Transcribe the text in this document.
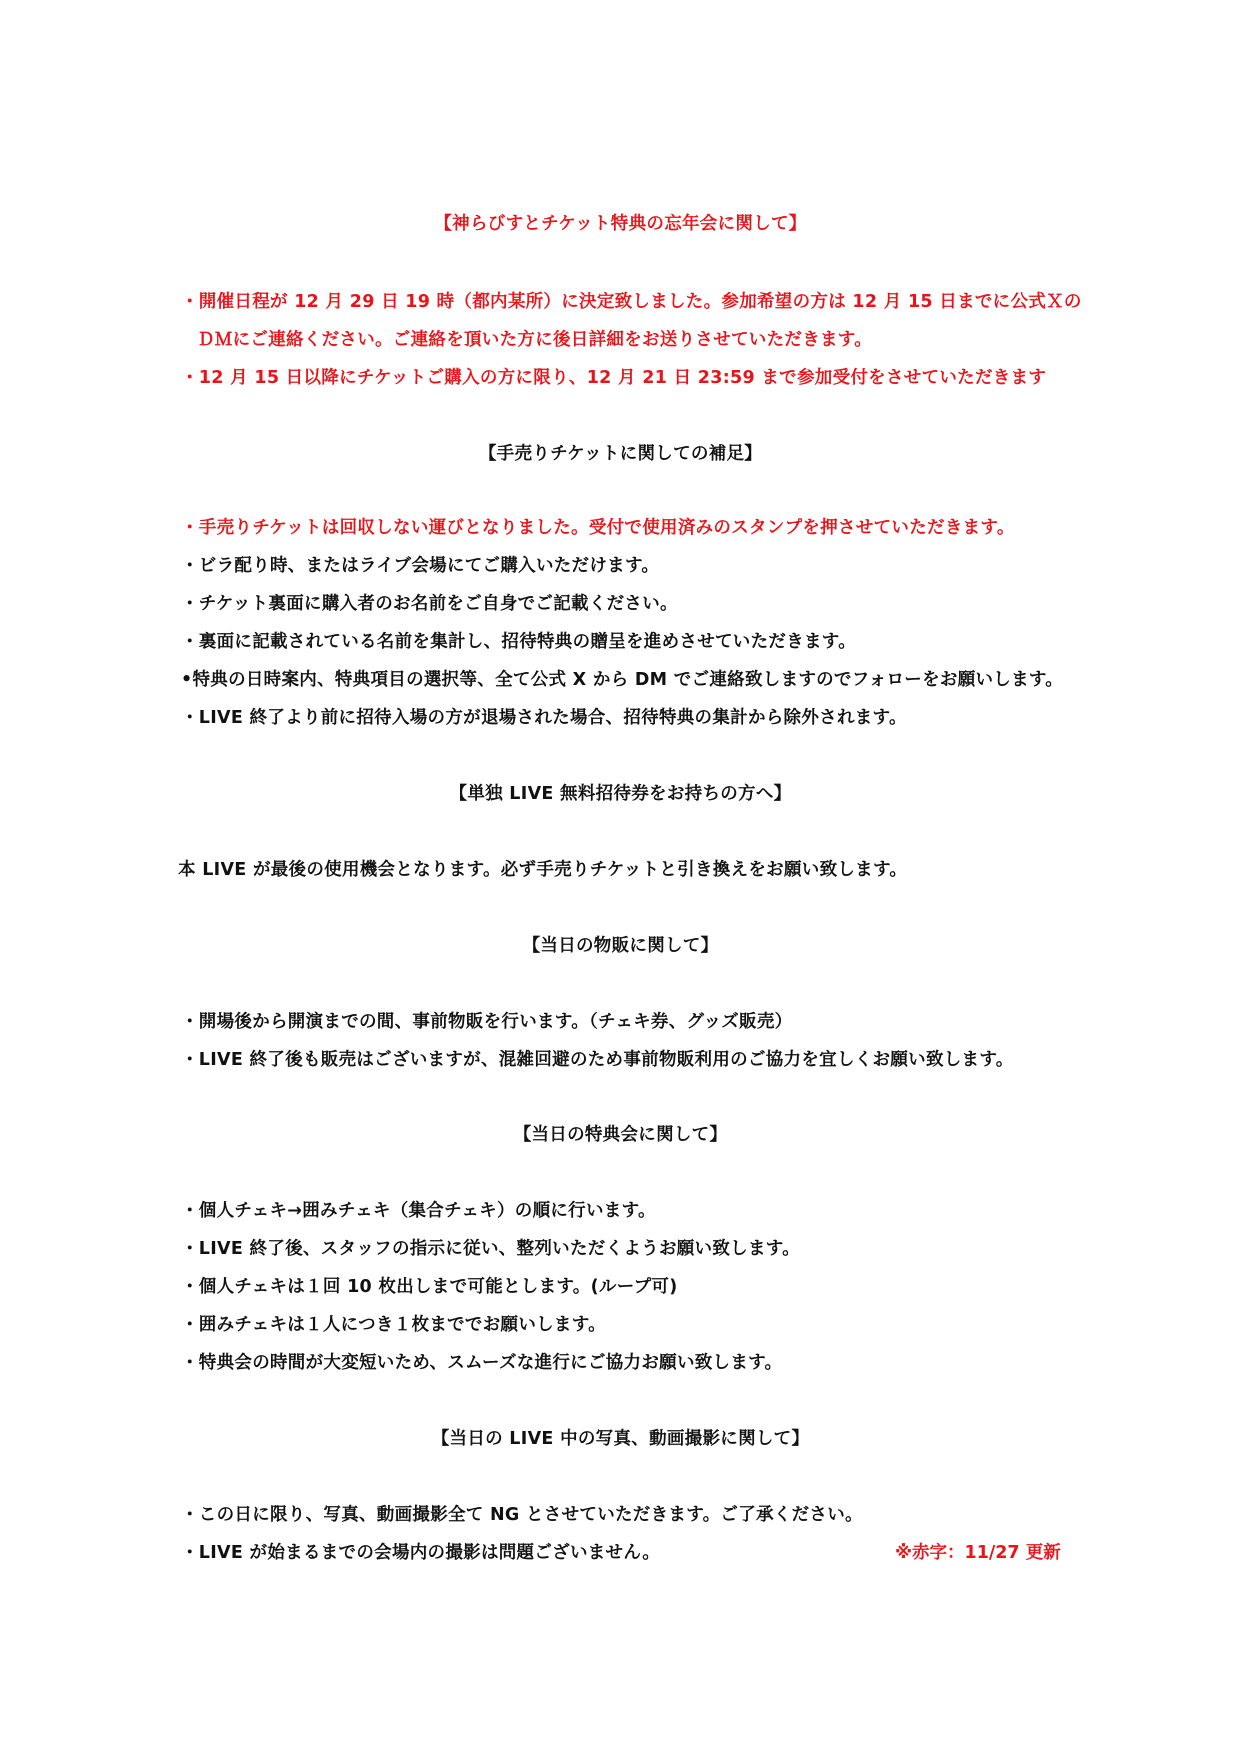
【神らびすとチケット特典の忘年会に関して】
・開催日程が 12 月 29 日 19 時（都内某所）に決定致しました。参加希望の方は 12 月 15 日までに公式Ｘの
ＤＭにご連絡ください。ご連絡を頂いた方に後日詳細をお送りさせていただきます。
・12 月 15 日以降にチケットご購入の方に限り、12 月 21 日 23:59 まで参加受付をさせていただきます
【手売りチケットに関しての補足】
・手売りチケットは回収しない運びとなりました。受付で使用済みのスタンプを押させていただきます。
・ビラ配り時、またはライブ会場にてご購入いただけます。
・チケット裏面に購入者のお名前をご自身でご記載ください。
・裏面に記載されている名前を集計し、招待特典の贈呈を進めさせていただきます。
•特典の日時案内、特典項目の選択等、全て公式 X から DM でご連絡致しますのでフォローをお願いします。
・LIVE 終了より前に招待入場の方が退場された場合、招待特典の集計から除外されます。
【単独 LIVE 無料招待券をお持ちの方へ】
本 LIVE が最後の使用機会となります。必ず手売りチケットと引き換えをお願い致します。
【当日の物販に関して】
・開場後から開演までの間、事前物販を行います。（チェキ券、グッズ販売）
・LIVE 終了後も販売はございますが、混雑回避のため事前物販利用のご協力を宜しくお願い致します。
【当日の特典会に関して】
・個人チェキ→囲みチェキ（集合チェキ）の順に行います。
・LIVE 終了後、スタッフの指示に従い、整列いただくようお願い致します。
・個人チェキは１回 10 枚出しまで可能とします。(ループ可)
・囲みチェキは１人につき１枚まででお願いします。
・特典会の時間が大変短いため、スムーズな進行にご協力お願い致します。
【当日の LIVE 中の写真、動画撮影に関して】
・この日に限り、写真、動画撮影全て NG とさせていただきます。ご了承ください。
・LIVE が始まるまでの会場内の撮影は問題ございません。	※赤字：11/27 更新
